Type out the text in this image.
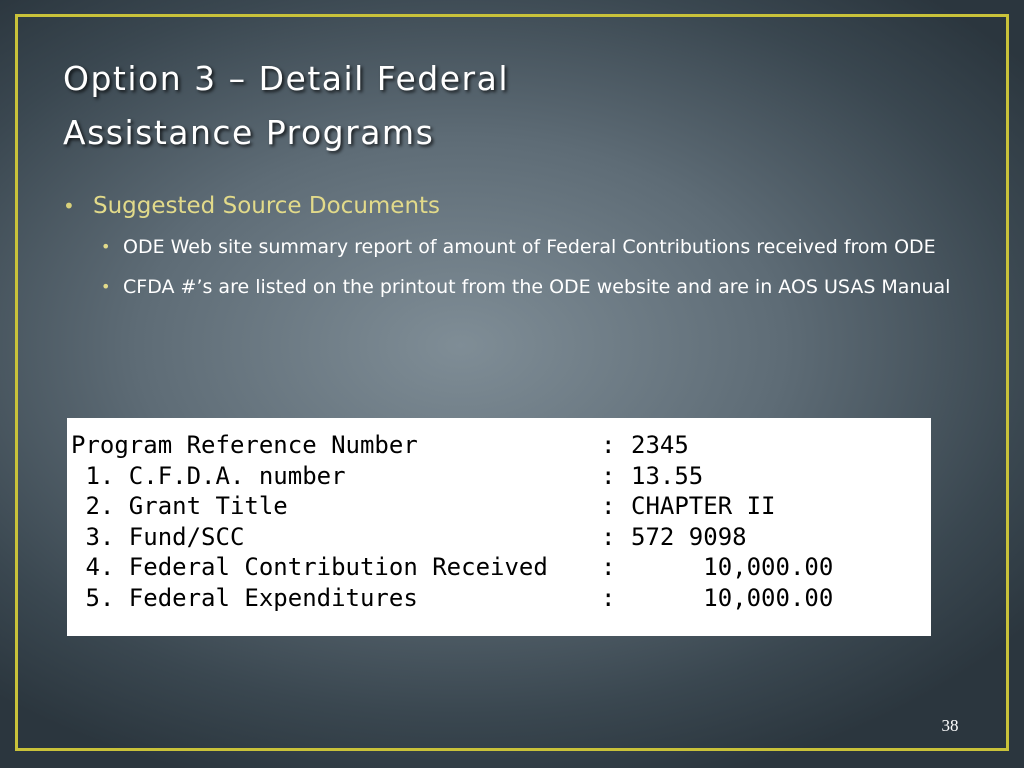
Option 3 – Detail Federal
Assistance Programs
• Suggested Source Documents
• ODE Web site summary report of amount of Federal Contributions received from ODE
• CFDA #’s are listed on the printout from the ODE website and are in AOS USAS Manual
Program Reference Number	: 2345
1. C.F.D.A. number	: 13.55
2. Grant Title	: CHAPTER II
3. Fund/SCC	: 572 9098
4. Federal Contribution Received	: 10,000.00
5. Federal Expenditures	: 10,000.00
38
